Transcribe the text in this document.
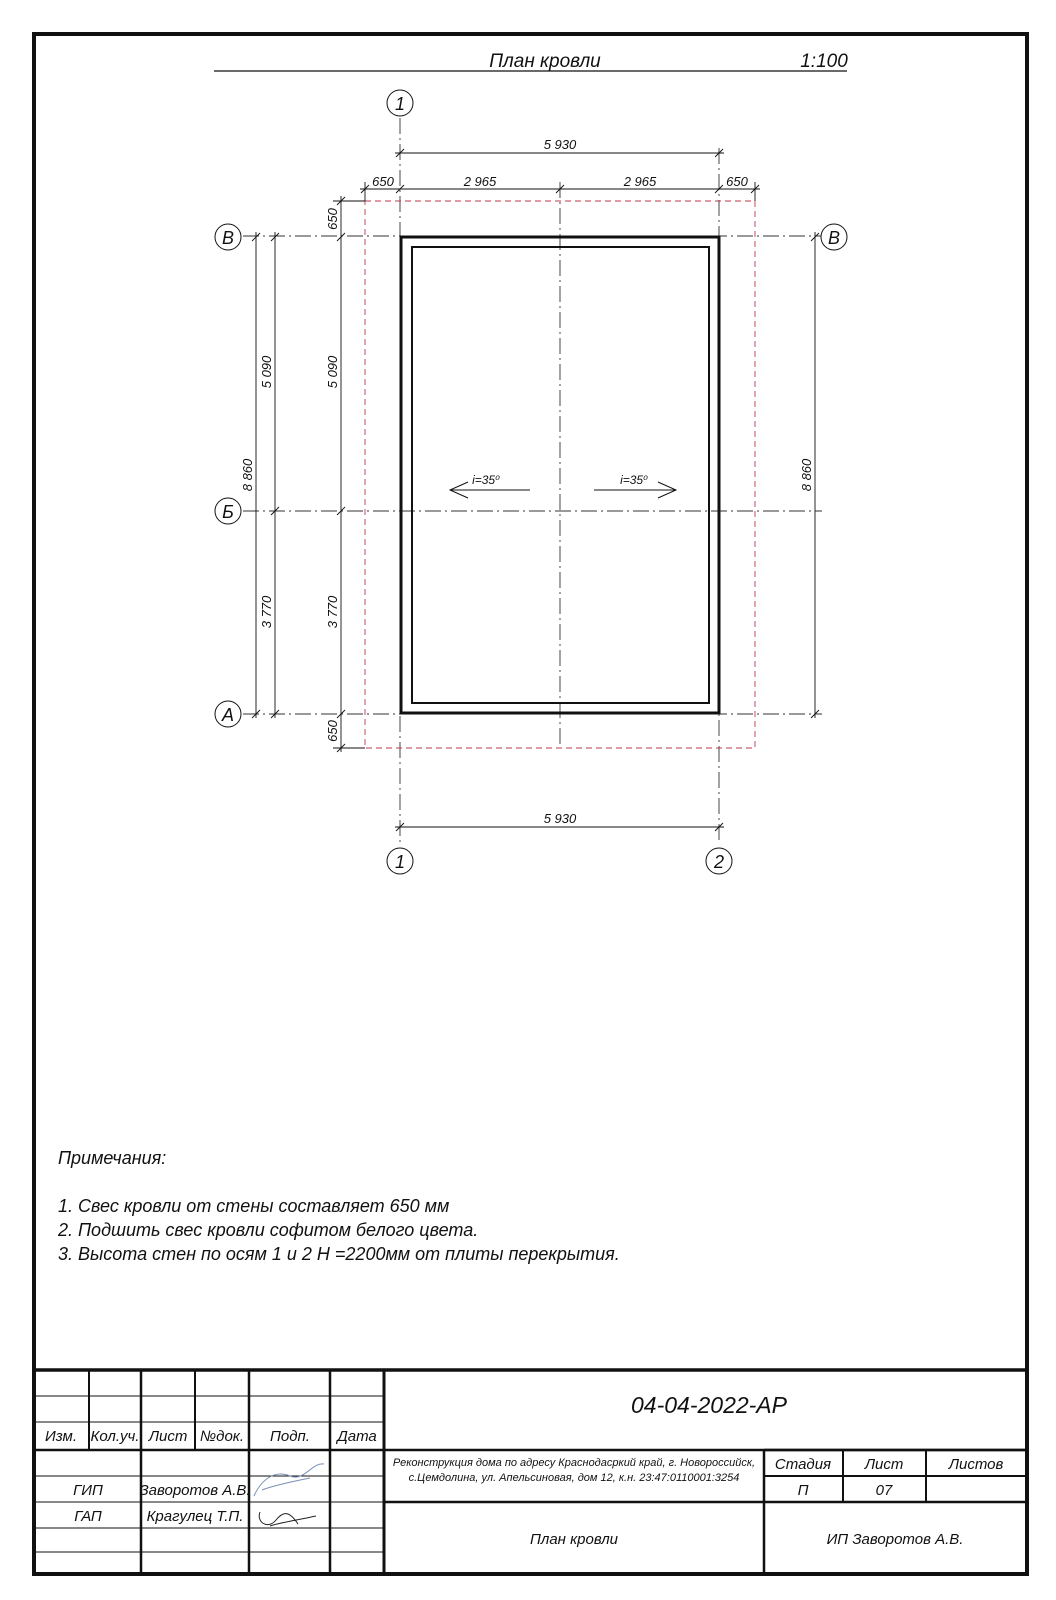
План кровли	1:100
1
В
Б
А
В
1	2
5 930
650	2 965	2 965	650
5 930
650
5 090
3 770
650
5 090
3 770
8 860	8 860
i=35⁰	i=35⁰
Изм. Кол.уч. Лист №док. Подп. Дата
ГИП Заворотов А.В.
ГАП	Крагулец Т.П.
04-04-2022-АР
Реконструкция дома по адресу Краснодасркий край, г. Новороссийск,
с.Цемдолина, ул. Апельсиновая, дом 12, к.н. 23:47:0110001:3254
Стадия Лист	Листов
П	07
План кровли	ИП Заворотов А.В.
Примечания:
1. Свес кровли от стены составляет 650 мм
2. Подшить свес кровли софитом белого цвета.
3. Высота стен по осям 1 и 2 Н =2200мм от плиты перекрытия.
